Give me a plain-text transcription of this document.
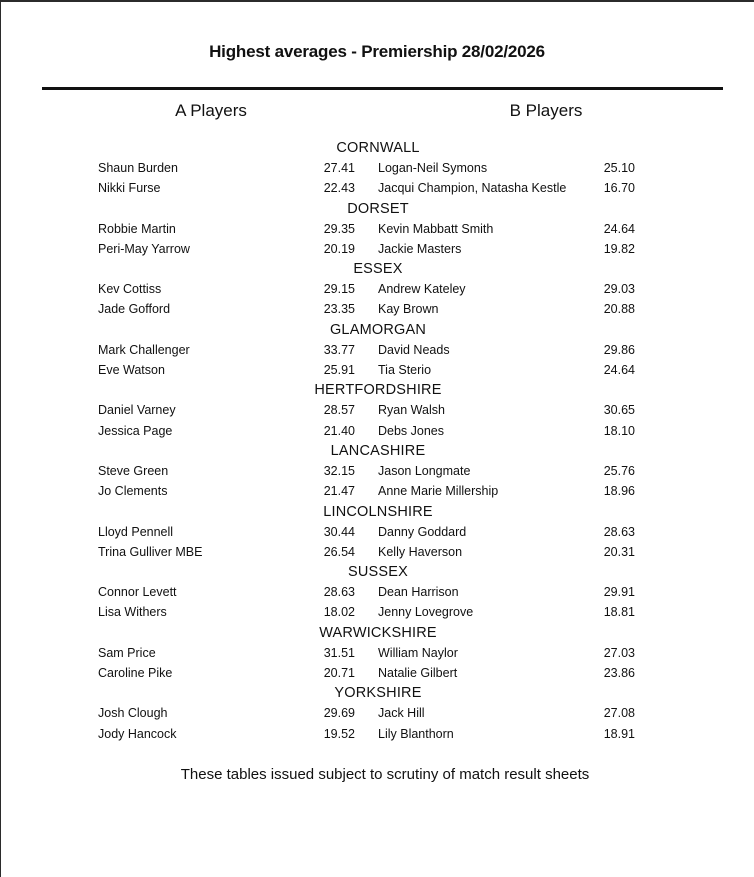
Highest averages - Premiership 28/02/2026
A Players	B Players
CORNWALL
Shaun Burden	27.41 Logan-Neil Symons	25.10
Nikki Furse	22.43 Jacqui Champion, Natasha Kestle	16.70
DORSET
Robbie Martin	29.35 Kevin Mabbatt Smith	24.64
Peri-May Yarrow	20.19 Jackie Masters	19.82
ESSEX
Kev Cottiss	29.15 Andrew Kateley	29.03
Jade Gofford	23.35 Kay Brown	20.88
GLAMORGAN
Mark Challenger	33.77 David Neads	29.86
Eve Watson	25.91 Tia Sterio	24.64
HERTFORDSHIRE
Daniel Varney	28.57 Ryan Walsh	30.65
Jessica Page	21.40 Debs Jones	18.10
LANCASHIRE
Steve Green	32.15 Jason Longmate	25.76
Jo Clements	21.47 Anne Marie Millership	18.96
LINCOLNSHIRE
Lloyd Pennell	30.44 Danny Goddard	28.63
Trina Gulliver MBE	26.54 Kelly Haverson	20.31
SUSSEX
Connor Levett	28.63 Dean Harrison	29.91
Lisa Withers	18.02 Jenny Lovegrove	18.81
WARWICKSHIRE
Sam Price	31.51 William Naylor	27.03
Caroline Pike	20.71 Natalie Gilbert	23.86
YORKSHIRE
Josh Clough	29.69 Jack Hill	27.08
Jody Hancock	19.52 Lily Blanthorn	18.91
These tables issued subject to scrutiny of match result sheets
